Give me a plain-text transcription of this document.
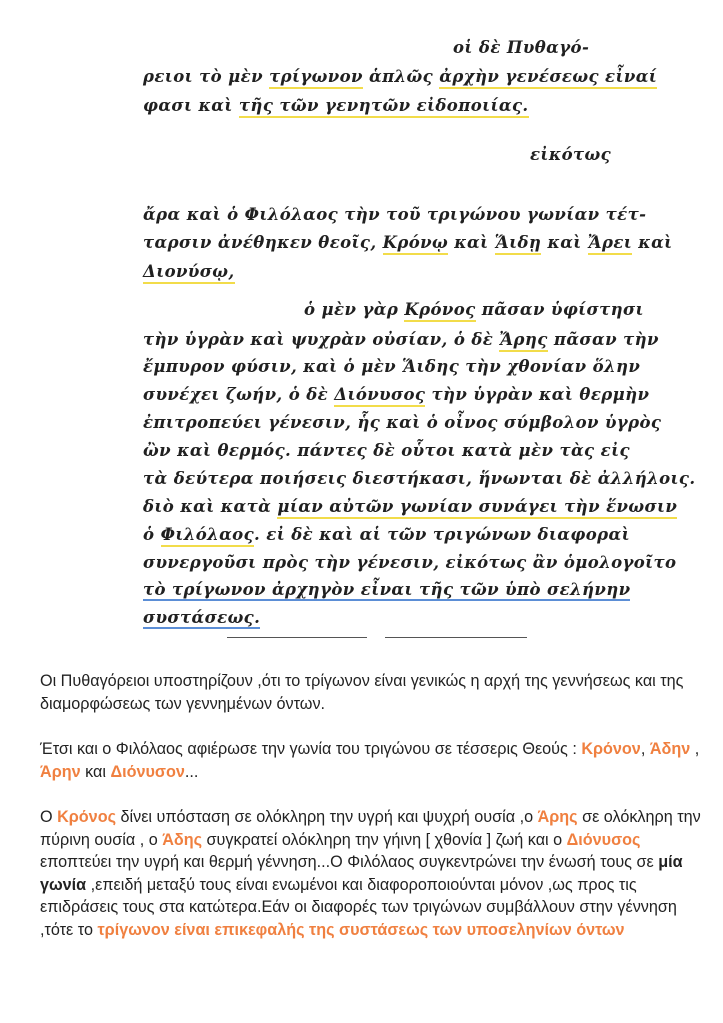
οἱ δὲ Πυθαγό-

ρειοι τὸ μὲν τρίγωνον ἁπλῶς ἀρχὴν γενέσεως εἶναί

φασι καὶ τῆς τῶν γενητῶν εἰδοποιίας.

εἰκότως

ἄρα καὶ ὁ Φιλόλαος τὴν τοῦ τριγώνου γωνίαν τέτ-

ταρσιν ἀνέθηκεν θεοῖς, Κρόνῳ καὶ Ἅιδῃ καὶ Ἄρει καὶ

Διονύσῳ,

ὁ μὲν γὰρ Κρόνος πᾶσαν ὑφίστησι

τὴν ὑγρὰν καὶ ψυχρὰν οὐσίαν, ὁ δὲ Ἄρης πᾶσαν τὴν

ἔμπυρον φύσιν, καὶ ὁ μὲν Ἅιδης τὴν χθονίαν ὅλην

συνέχει ζωήν, ὁ δὲ Διόνυσος τὴν ὑγρὰν καὶ θερμὴν

ἐπιτροπεύει γένεσιν, ἧς καὶ ὁ οἶνος σύμβολον ὑγρὸς

ὢν καὶ θερμός. πάντες δὲ οὗτοι κατὰ μὲν τὰς εἰς

τὰ δεύτερα ποιήσεις διεστήκασι, ἥνωνται δὲ ἀλλήλοις.

διὸ καὶ κατὰ μίαν αὐτῶν γωνίαν συνάγει τὴν ἕνωσιν

ὁ Φιλόλαος. εἰ δὲ καὶ αἱ τῶν τριγώνων διαφοραὶ

συνεργοῦσι πρὸς τὴν γένεσιν, εἰκότως ἂν ὁμολογοῖτο

τὸ τρίγωνον ἀρχηγὸν εἶναι τῆς τῶν ὑπὸ σελήνην

συστάσεως.

Οι Πυθαγόρειοι υποστηρίζουν ,ότι το τρίγωνον είναι γενικώς η αρχή της γεννήσεως και της διαμορφώσεως των γεννημένων όντων.

Έτσι και ο Φιλόλαος αφιέρωσε την γωνία του τριγώνου σε τέσσερις Θεούς : Κρόνον, Άδην , Άρην και Διόνυσον...

Ο Κρόνος δίνει υπόσταση σε ολόκληρη την υγρή και ψυχρή ουσία ,ο Άρης σε ολόκληρη την πύρινη ουσία , ο Άδης συγκρατεί ολόκληρη την γήινη [ χθονία ] ζωή και ο Διόνυσος εποπτεύει την υγρή και θερμή γέννηση...Ο Φιλόλαος συγκεντρώνει την ένωσή τους σε μία γωνία ,επειδή μεταξύ τους είναι ενωμένοι και διαφοροποιούνται μόνον ,ως προς τις επιδράσεις τους στα κατώτερα.Εάν οι διαφορές των τριγώνων συμβάλλουν στην γέννηση ,τότε το τρίγωνον είναι επικεφαλής της συστάσεως των υποσεληνίων όντων
